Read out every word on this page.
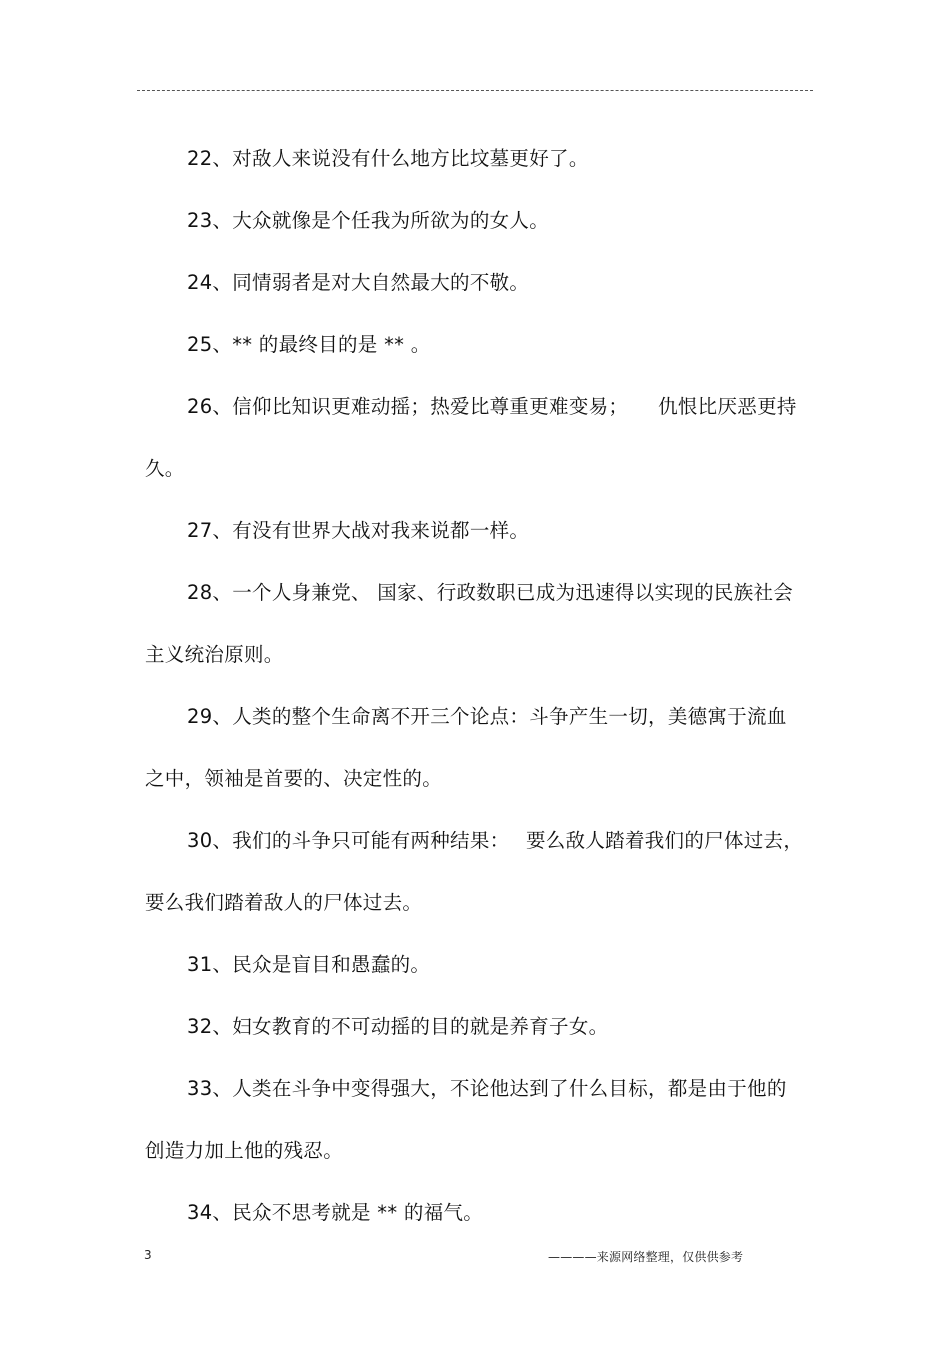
22、对敌人来说没有什么地方比坟墓更好了。

23、大众就像是个任我为所欲为的女人。

24、同情弱者是对大自然最大的不敬。

25、** 的最终目的是 ** 。

26、信仰比知识更难动摇；热爱比尊重更难变易；　　仇恨比厌恶更持久。

27、有没有世界大战对我来说都一样。

28、一个人身兼党、 国家、行政数职已成为迅速得以实现的民族社会主义统治原则。

29、人类的整个生命离不开三个论点：斗争产生一切，美德寓于流血之中，领袖是首要的、决定性的。

30、我们的斗争只可能有两种结果：　 要么敌人踏着我们的尸体过去，要么我们踏着敌人的尸体过去。

31、民众是盲目和愚蠢的。

32、妇女教育的不可动摇的目的就是养育子女。

33、人类在斗争中变得强大，不论他达到了什么目标，都是由于他的创造力加上他的残忍。

34、民众不思考就是 ** 的福气。

3	————来源网络整理，仅供供参考
